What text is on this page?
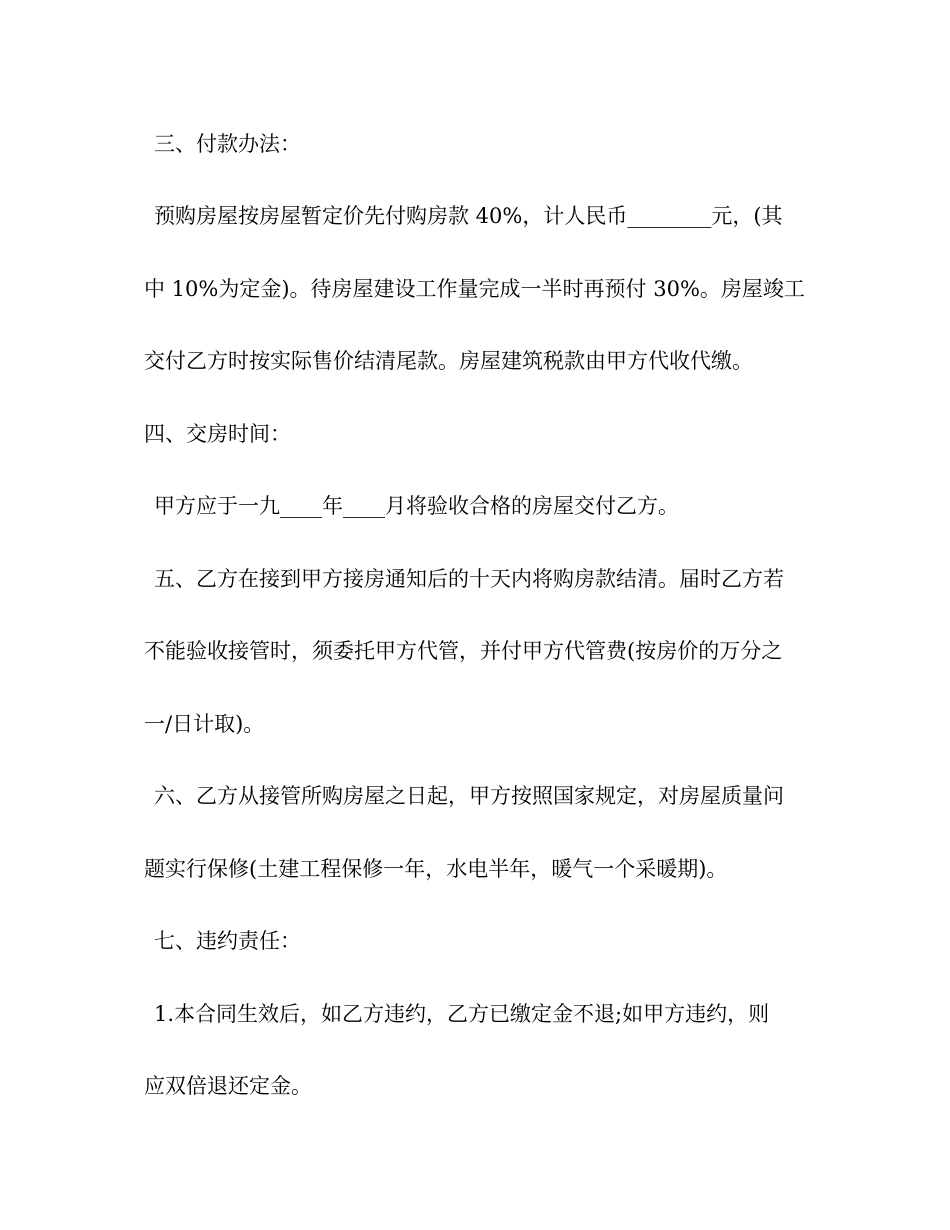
三、付款办法：
预购房屋按房屋暂定价先付购房款 40%，计人民币________元，(其
中 10%为定金)。待房屋建设工作量完成一半时再预付 30%。房屋竣工
交付乙方时按实际售价结清尾款。房屋建筑税款由甲方代收代缴。
四、交房时间：
甲方应于一九____年____月将验收合格的房屋交付乙方。
五、乙方在接到甲方接房通知后的十天内将购房款结清。届时乙方若
不能验收接管时，须委托甲方代管，并付甲方代管费(按房价的万分之
一/日计取)。
六、乙方从接管所购房屋之日起，甲方按照国家规定，对房屋质量问
题实行保修(土建工程保修一年，水电半年，暖气一个采暖期)。
七、违约责任：
1.本合同生效后，如乙方违约，乙方已缴定金不退;如甲方违约，则
应双倍退还定金。
